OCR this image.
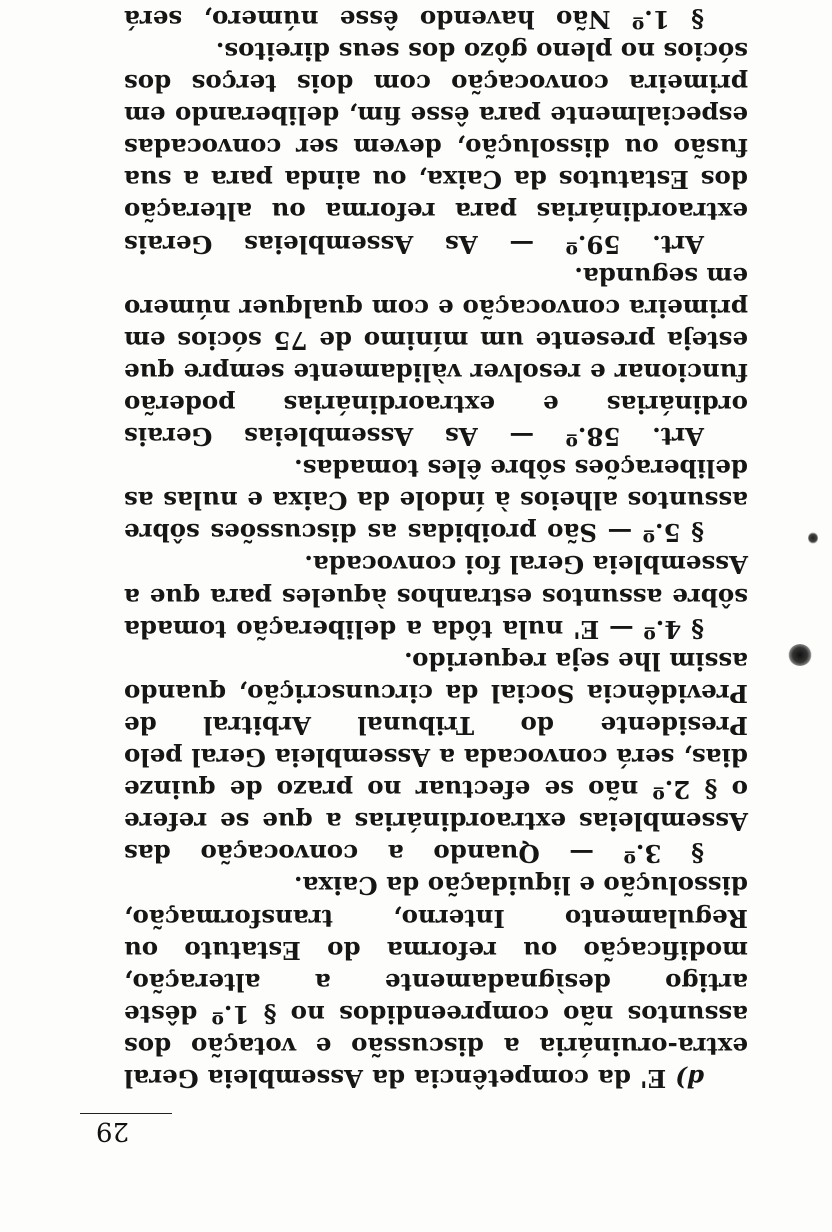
29

d) E' da competência da Assembleia Geral extra-oruinária a discussão e votação dos assuntos não compreendidos no § 1.º dêste artigo desìgnadamente a alteração, modificação ou reforma do Estatuto ou Regulamento Interno, transformação, dissolução e liquidação da Caixa.

§ 3.º — Quando a convocação das Assembleias extraordinárias a que se refere o § 2.º não se efectuar no prazo de quinze dias, será convocada a Assembleia Geral pelo Presidente do Tribunal Arbitral de Previdência Social da circunscrição, quando assim lhe seja requerido.

§ 4.º — E' nula tôda a deliberação tomada sôbre assuntos estranhos àqueles para que a Assembleia Geral foi convocada.

§ 5.º — São proibidas as discussões sôbre assuntos alheios à índole da Caixa e nulas as deliberações sôbre êles tomadas.

Art. 58.º — As Assembleias Gerais ordinárias e extraordinárias poderão funcionar e resolver vàlidamente sempre que esteja presente um mínimo de 75 sócios em primeira convocação e com qualquer número em segunda.

Art. 59.º — As Assembleias Gerais extraordinárias para reforma ou alteração dos Estatutos da Caixa, ou ainda para a sua fusão ou dissolução, devem ser convocadas especialmente para êsse fim, deliberando em primeira convocação com dois terços dos sócios no pleno gôzo dos seus direitos.

§ 1.º Não havendo êsse número, será
